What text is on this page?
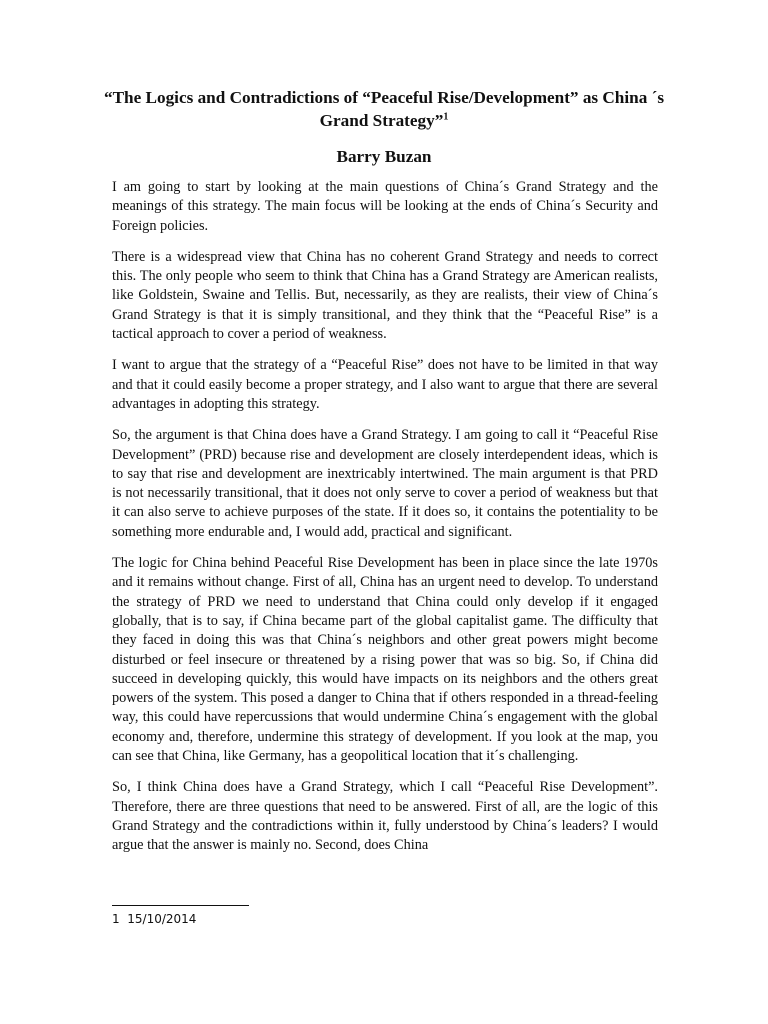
“The Logics and Contradictions of “Peaceful Rise/Development” as China ´s Grand Strategy”$^1$
Barry Buzan

I am going to start by looking at the main questions of China´s Grand Strategy and the meanings of this strategy. The main focus will be looking at the ends of China´s Security and Foreign policies.

There is a widespread view that China has no coherent Grand Strategy and needs to correct this. The only people who seem to think that China has a Grand Strategy are American realists, like Goldstein, Swaine and Tellis. But, necessarily, as they are realists, their view of China´s Grand Strategy is that it is simply transitional, and they think that the “Peaceful Rise” is a tactical approach to cover a period of weakness.

I want to argue that the strategy of a “Peaceful Rise” does not have to be limited in that way and that it could easily become a proper strategy, and I also want to argue that there are several advantages in adopting this strategy.

So, the argument is that China does have a Grand Strategy. I am going to call it “Peaceful Rise Development” (PRD) because rise and development are closely interdependent ideas, which is to say that rise and development are inextricably intertwined. The main argument is that PRD is not necessarily transitional, that it does not only serve to cover a period of weakness but that it can also serve to achieve purposes of the state. If it does so, it contains the potentiality to be something more endurable and, I would add, practical and significant.

The logic for China behind Peaceful Rise Development has been in place since the late 1970s and it remains without change. First of all, China has an urgent need to develop. To understand the strategy of PRD we need to understand that China could only develop if it engaged globally, that is to say, if China became part of the global capitalist game. The difficulty that they faced in doing this was that China´s neighbors and other great powers might become disturbed or feel insecure or threatened by a rising power that was so big. So, if China did succeed in developing quickly, this would have impacts on its neighbors and the others great powers of the system. This posed a danger to China that if others responded in a thread-feeling way, this could have repercussions that would undermine China´s engagement with the global economy and, therefore, undermine this strategy of development. If you look at the map, you can see that China, like Germany, has a geopolitical location that it´s challenging.

So, I think China does have a Grand Strategy, which I call “Peaceful Rise Development”. Therefore, there are three questions that need to be answered. First of all, are the logic of this Grand Strategy and the contradictions within it, fully understood by China´s leaders? I would argue that the answer is mainly no. Second, does China

1  15/10/2014
